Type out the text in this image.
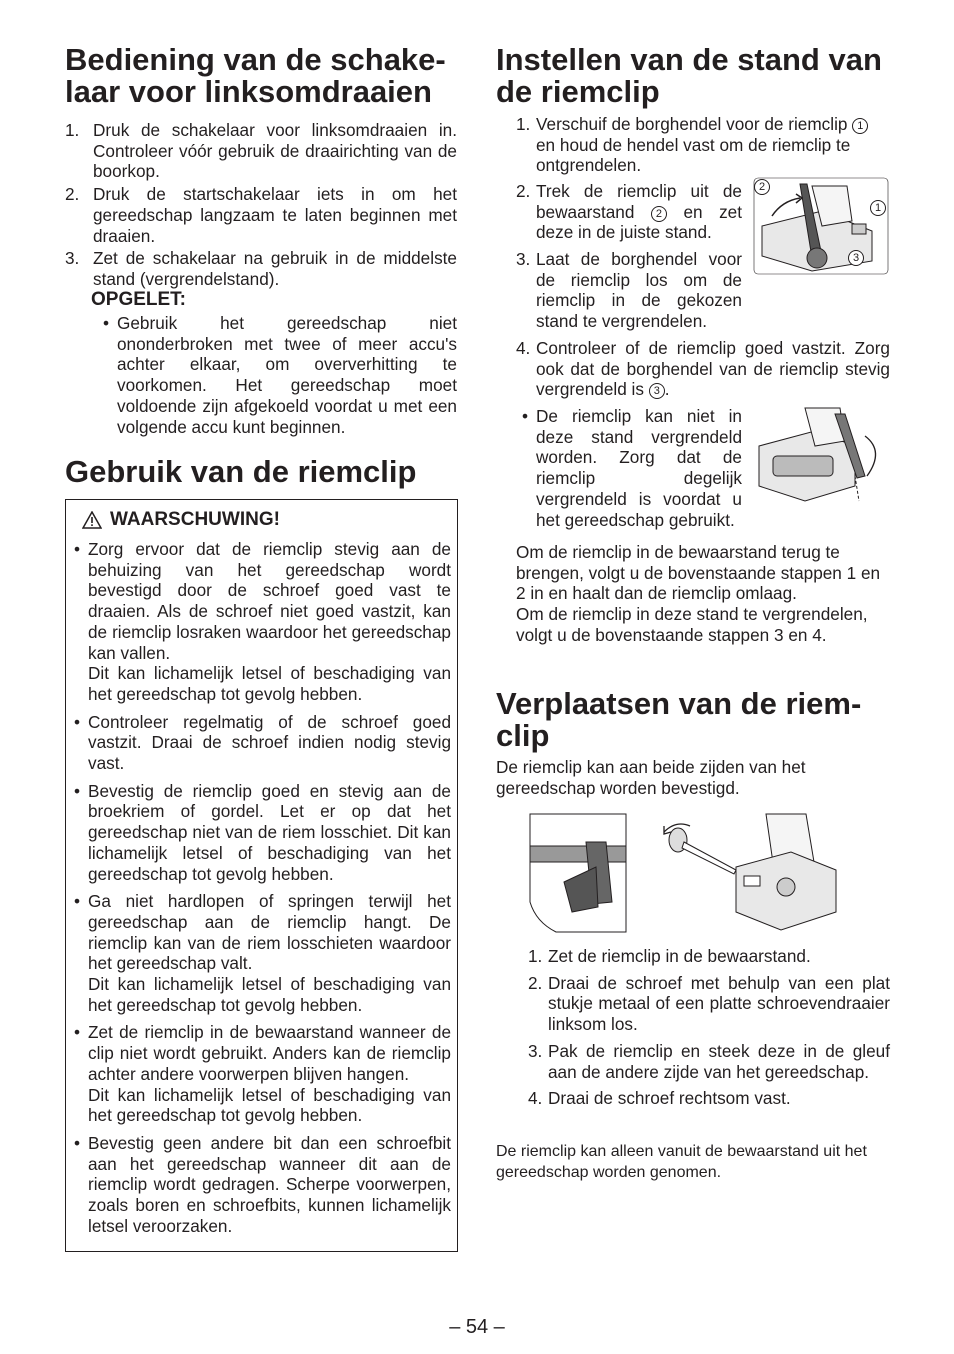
Bediening van de schake-
laar voor linksomdraaien
1. Druk de schakelaar voor linksomdraaien in. Controleer vóór gebruik de draairichting van de boorkop.
2. Druk de startschakelaar iets in om het gereedschap langzaam te laten beginnen met draaien.
3. Zet de schakelaar na gebruik in de middelste stand (vergrendelstand).
OPGELET:
• Gebruik het gereedschap niet ononderbroken met twee of meer accu's achter elkaar, om oververhitting te voorkomen. Het gereedschap moet voldoende zijn afgekoeld voordat u met een volgende accu kunt beginnen.
Gebruik van de riemclip
WAARSCHUWING!
• Zorg ervoor dat de riemclip stevig aan de behuizing van het gereedschap wordt bevestigd door de schroef goed vast te draaien. Als de schroef niet goed vastzit, kan de riemclip losraken waardoor het gereedschap kan vallen.
Dit kan lichamelijk letsel of beschadiging van het gereedschap tot gevolg hebben.
• Controleer regelmatig of de schroef goed vastzit. Draai de schroef indien nodig stevig vast.
• Bevestig de riemclip goed en stevig aan de broekriem of gordel. Let er op dat het gereedschap niet van de riem losschiet. Dit kan lichamelijk letsel of beschadiging van het gereedschap tot gevolg hebben.
• Ga niet hardlopen of springen terwijl het gereedschap aan de riemclip hangt. De riemclip kan van de riem losschieten waardoor het gereedschap valt.
Dit kan lichamelijk letsel of beschadiging van het gereedschap tot gevolg hebben.
• Zet de riemclip in de bewaarstand wanneer de clip niet wordt gebruikt. Anders kan de riemclip achter andere voorwerpen blijven hangen.
Dit kan lichamelijk letsel of beschadiging van het gereedschap tot gevolg hebben.
• Bevestig geen andere bit dan een schroefbit aan het gereedschap wanneer dit aan de riemclip wordt gedragen. Scherpe voorwerpen, zoals boren en schroefbits, kunnen lichamelijk letsel veroorzaken.
Instellen van de stand van
de riemclip
1. Verschuif de borghendel voor de riemclip 1 en houd de hendel vast om de riemclip te ontgrendelen.
2. Trek de riemclip uit de bewaarstand 2 en zet deze in de juiste stand.
3. Laat de borghendel voor de riemclip los om de riemclip in de gekozen stand te vergrendelen.
2
1
3
4. Controleer of de riemclip goed vastzit. Zorg ook dat de borghendel van de riemclip stevig vergrendeld is 3 .
• De riemclip kan niet in deze stand vergrendeld worden. Zorg dat de riemclip degelijk vergrendeld is voordat u het gereedschap gebruikt.
Om de riemclip in de bewaarstand terug te brengen, volgt u de bovenstaande stappen 1 en 2 in en haalt dan de riemclip omlaag.
Om de riemclip in deze stand te vergrendelen, volgt u de bovenstaande stappen 3 en 4.
Verplaatsen van de riem-
clip
De riemclip kan aan beide zijden van het gereedschap worden bevestigd.
1. Zet de riemclip in de bewaarstand.
2. Draai de schroef met behulp van een plat stukje metaal of een platte schroevendraaier linksom los.
3. Pak de riemclip en steek deze in de gleuf aan de andere zijde van het gereedschap.
4. Draai de schroef rechtsom vast.
De riemclip kan alleen vanuit de bewaarstand uit het gereedschap worden genomen.
– 54 –
